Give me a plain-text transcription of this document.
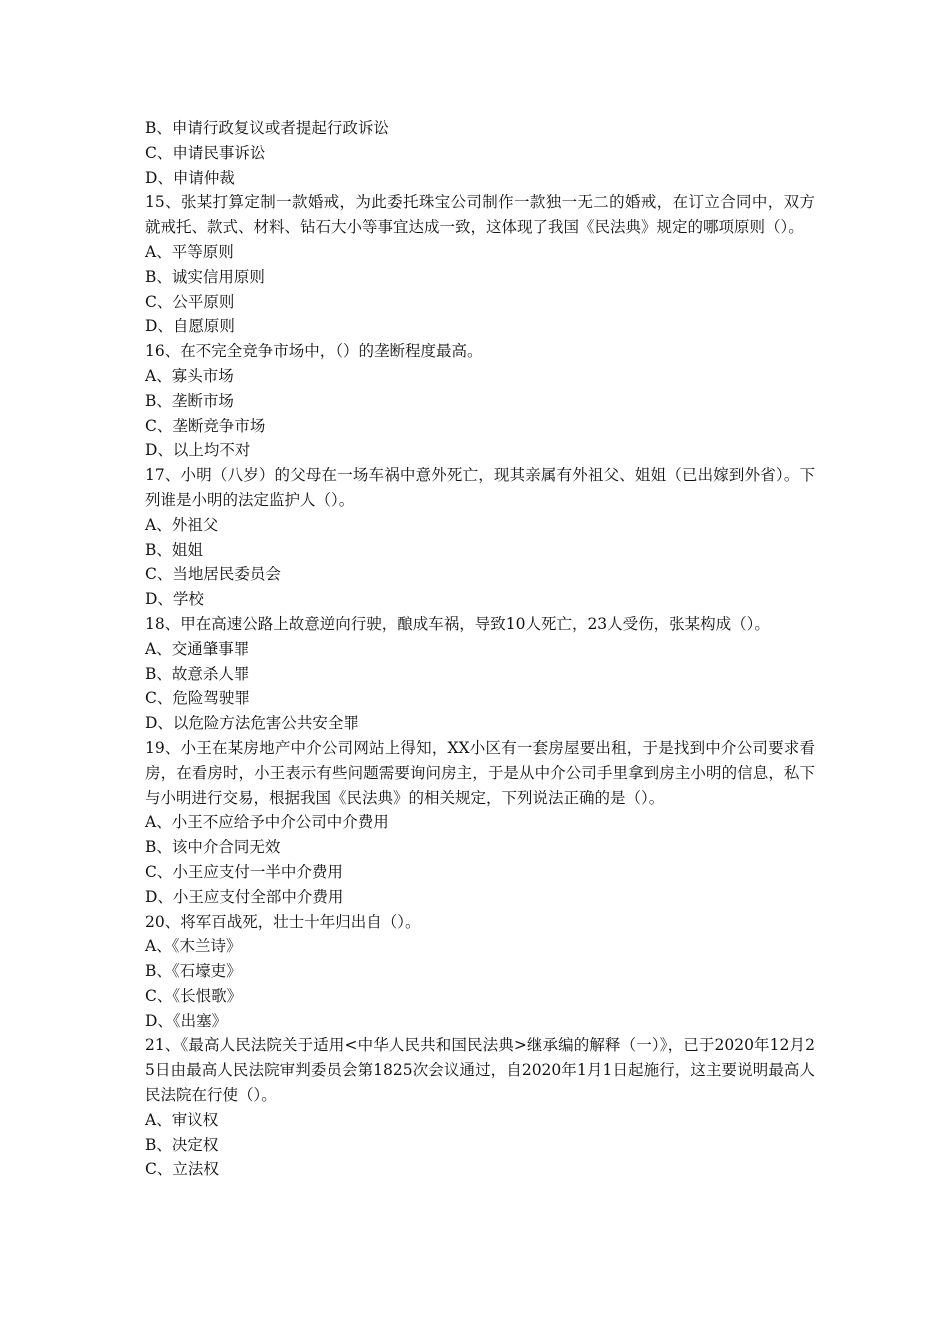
B、申请行政复议或者提起行政诉讼

C、申请民事诉讼

D、申请仲裁

15、张某打算定制一款婚戒，为此委托珠宝公司制作一款独一无二的婚戒，在订立合同中，双方就戒托、款式、材料、钻石大小等事宜达成一致，这体现了我国《民法典》规定的哪项原则（）。

A、平等原则

B、诚实信用原则

C、公平原则

D、自愿原则

16、在不完全竞争市场中，（）的垄断程度最高。

A、寡头市场

B、垄断市场

C、垄断竞争市场

D、以上均不对

17、小明（八岁）的父母在一场车祸中意外死亡，现其亲属有外祖父、姐姐（已出嫁到外省）。下列谁是小明的法定监护人（）。

A、外祖父

B、姐姐

C、当地居民委员会

D、学校

18、甲在高速公路上故意逆向行驶，酿成车祸，导致10人死亡，23人受伤，张某构成（）。

A、交通肇事罪

B、故意杀人罪

C、危险驾驶罪

D、以危险方法危害公共安全罪

19、小王在某房地产中介公司网站上得知，XX小区有一套房屋要出租，于是找到中介公司要求看房，在看房时，小王表示有些问题需要询问房主，于是从中介公司手里拿到房主小明的信息，私下与小明进行交易，根据我国《民法典》的相关规定，下列说法正确的是（）。

A、小王不应给予中介公司中介费用

B、该中介合同无效

C、小王应支付一半中介费用

D、小王应支付全部中介费用

20、将军百战死，壮士十年归出自（）。

A、《木兰诗》

B、《石壕吏》

C、《长恨歌》

D、《出塞》

21、《最高人民法院关于适用<中华人民共和国民法典>继承编的解释（一）》，已于2020年12月25日由最高人民法院审判委员会第1825次会议通过，自2020年1月1日起施行，这主要说明最高人民法院在行使（）。

A、审议权

B、决定权

C、立法权
